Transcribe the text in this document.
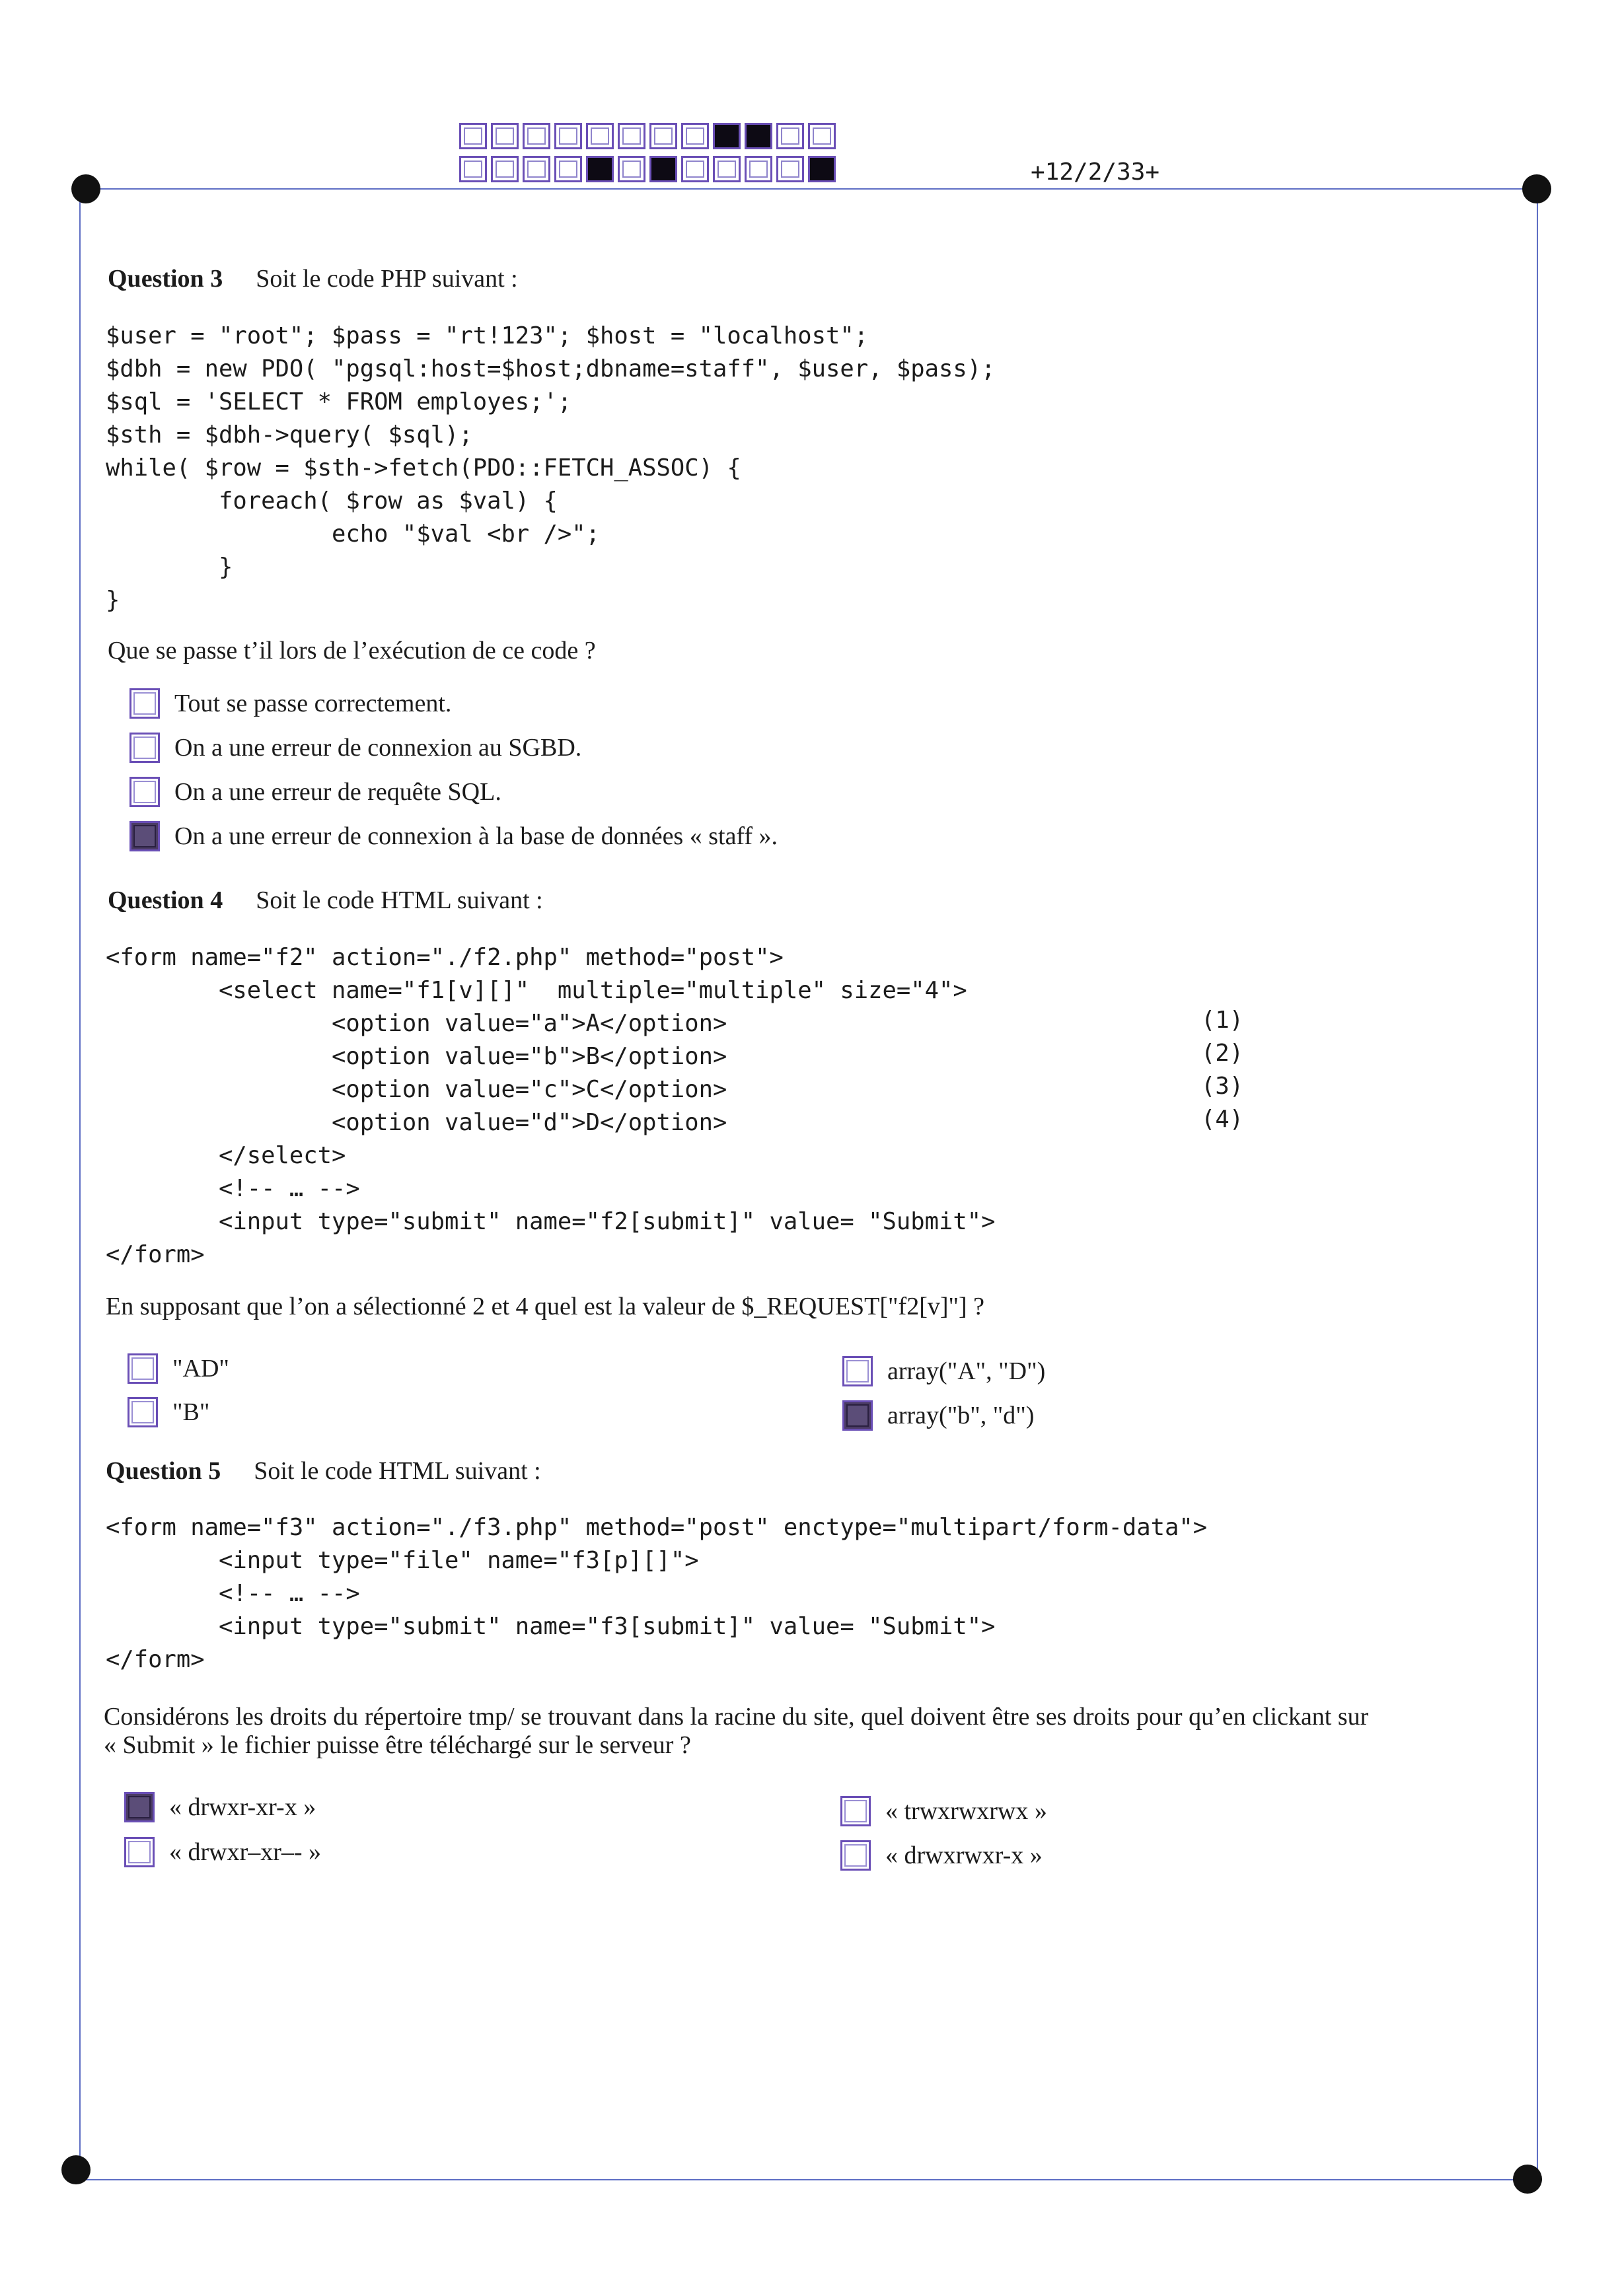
+12/2/33+
Question 3 Soit le code PHP suivant :
$user = "root"; $pass = "rt!123"; $host = "localhost";
$dbh = new PDO( "pgsql:host=$host;dbname=staff", $user, $pass);
$sql = 'SELECT * FROM employes;';
$sth = $dbh->query( $sql);
while( $row = $sth->fetch(PDO::FETCH_ASSOC) {
foreach( $row as $val) {
echo "$val <br />";
}
}
Que se passe t’il lors de l’exécution de ce code ?
Tout se passe correctement.
On a une erreur de connexion au SGBD.
On a une erreur de requête SQL.
On a une erreur de connexion à la base de données « staff ».
Question 4 Soit le code HTML suivant :
<form name="f2" action="./f2.php" method="post">
<select name="f1[v][]"  multiple="multiple" size="4">
<option value="a">A</option>
<option value="b">B</option>
<option value="c">C</option>
<option value="d">D</option>
</select>
<!-- … -->
<input type="submit" name="f2[submit]" value= "Submit">
</form>
(1)
(2)
(3)
(4)
En supposant que l’on a sélectionné 2 et 4 quel est la valeur de $_REQUEST["f2[v]"] ?
"AD"
"B"
array("A", "D")
array("b", "d")
Question 5 Soit le code HTML suivant :
<form name="f3" action="./f3.php" method="post" enctype="multipart/form-data">
<input type="file" name="f3[p][]">
<!-- … -->
<input type="submit" name="f3[submit]" value= "Submit">
</form>
Considérons les droits du répertoire tmp/ se trouvant dans la racine du site, quel doivent être ses droits pour qu’en clickant sur
« Submit » le fichier puisse être téléchargé sur le serveur ?
« drwxr-xr-x »
« drwxr–xr–- »
« trwxrwxrwx »
« drwxrwxr-x »
